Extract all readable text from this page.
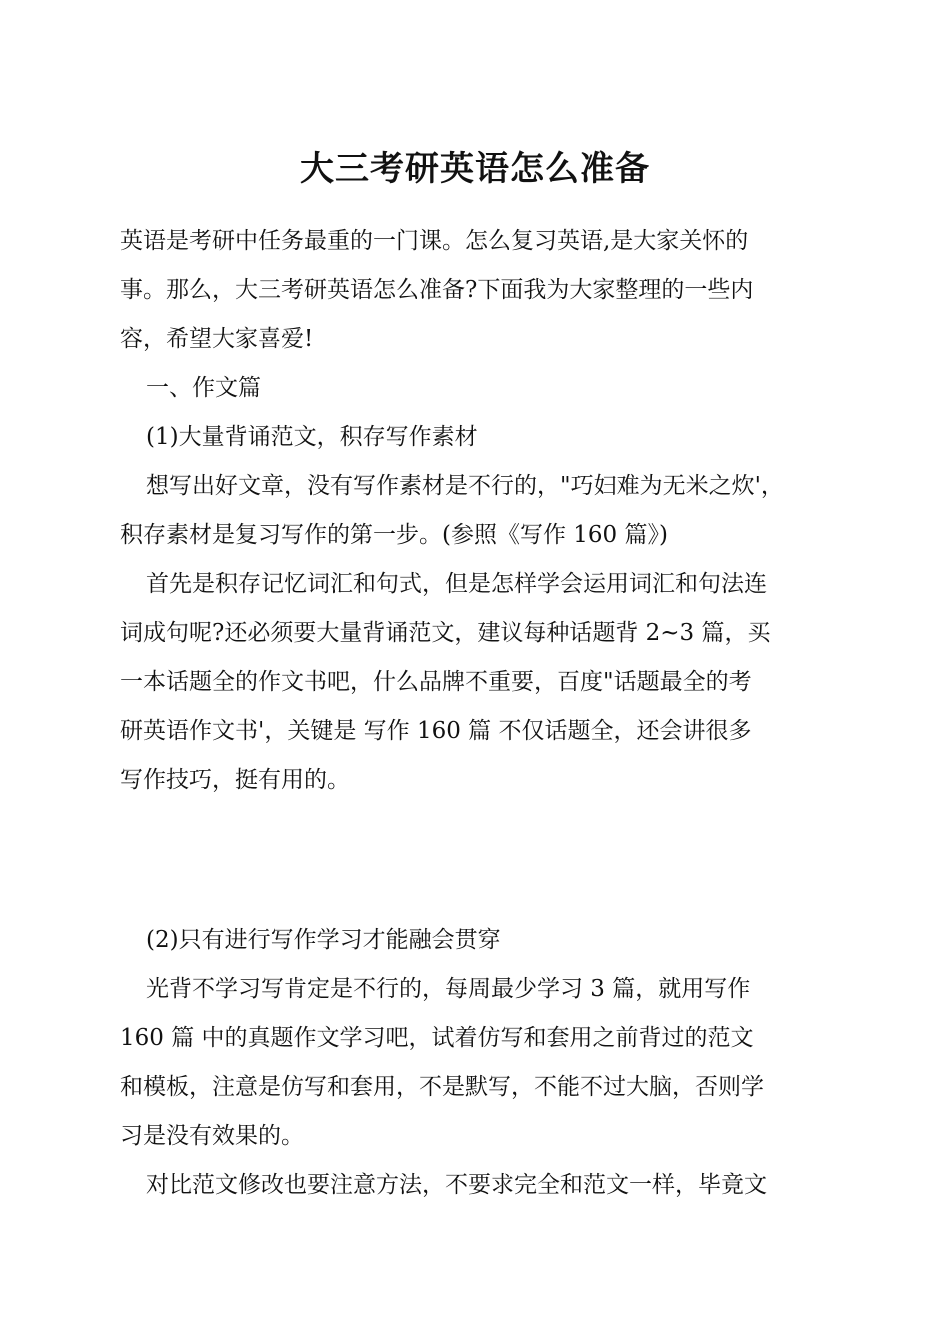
大三考研英语怎么准备
英语是考研中任务最重的一门课。怎么复习英语,是大家关怀的
事。那么，大三考研英语怎么准备?下面我为大家整理的一些内
容，希望大家喜爱!
一、作文篇
(1)大量背诵范文，积存写作素材
想写出好文章，没有写作素材是不行的，"巧妇难为无米之炊'，
积存素材是复习写作的第一步。(参照《写作 160 篇》)
首先是积存记忆词汇和句式，但是怎样学会运用词汇和句法连
词成句呢?还必须要大量背诵范文，建议每种话题背 2~3 篇，买
一本话题全的作文书吧，什么品牌不重要，百度"话题最全的考
研英语作文书'，关键是 写作 160 篇 不仅话题全，还会讲很多
写作技巧，挺有用的。
(2)只有进行写作学习才能融会贯穿
光背不学习写肯定是不行的，每周最少学习 3 篇，就用写作
160 篇 中的真题作文学习吧，试着仿写和套用之前背过的范文
和模板，注意是仿写和套用，不是默写，不能不过大脑，否则学
习是没有效果的。
对比范文修改也要注意方法，不要求完全和范文一样，毕竟文
